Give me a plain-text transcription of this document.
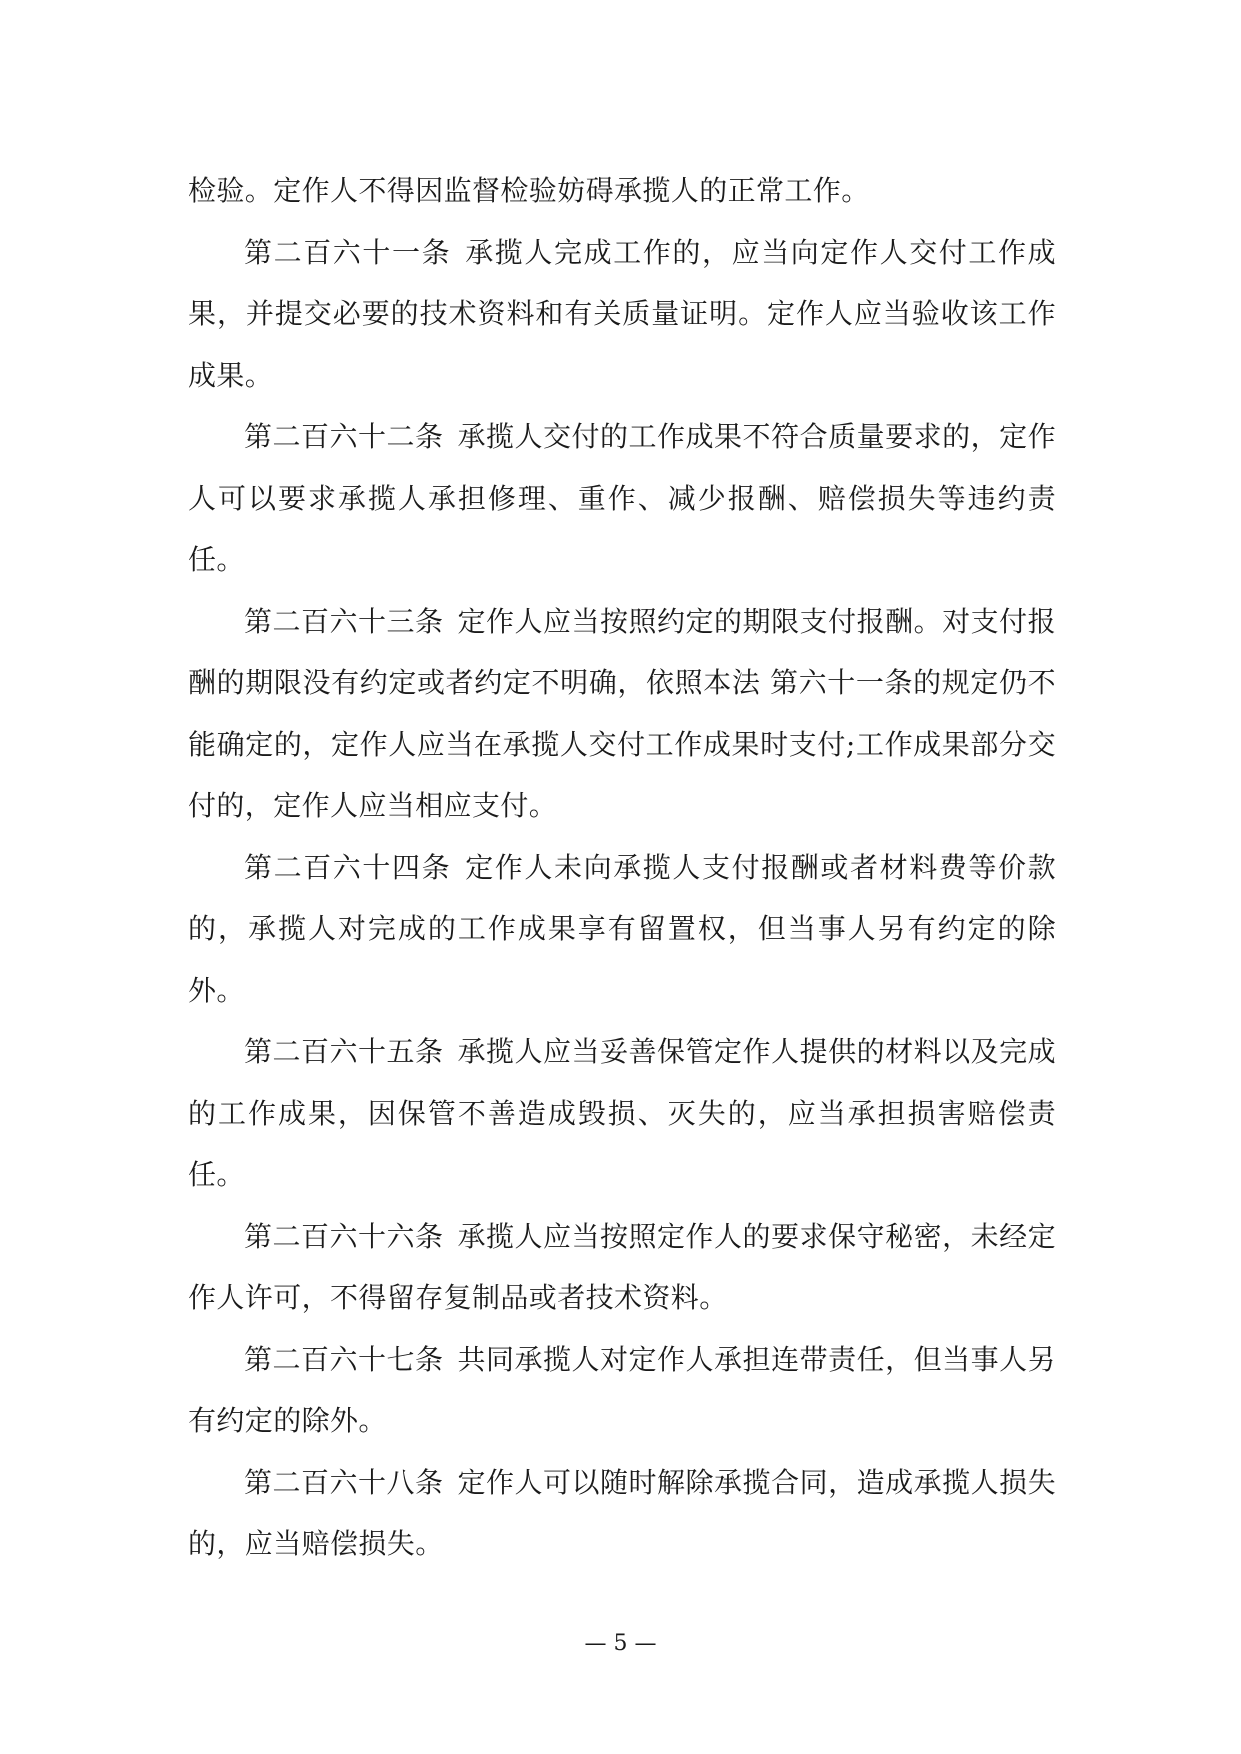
检验。定作人不得因监督检验妨碍承揽人的正常工作。

第二百六十一条 承揽人完成工作的，应当向定作人交付工作成果，并提交必要的技术资料和有关质量证明。定作人应当验收该工作成果。

第二百六十二条 承揽人交付的工作成果不符合质量要求的，定作人可以要求承揽人承担修理、重作、减少报酬、赔偿损失等违约责任。

第二百六十三条 定作人应当按照约定的期限支付报酬。对支付报酬的期限没有约定或者约定不明确，依照本法 第六十一条的规定仍不能确定的，定作人应当在承揽人交付工作成果时支付;工作成果部分交付的，定作人应当相应支付。

第二百六十四条 定作人未向承揽人支付报酬或者材料费等价款的，承揽人对完成的工作成果享有留置权，但当事人另有约定的除外。

第二百六十五条 承揽人应当妥善保管定作人提供的材料以及完成的工作成果，因保管不善造成毁损、灭失的，应当承担损害赔偿责任。

第二百六十六条 承揽人应当按照定作人的要求保守秘密，未经定作人许可，不得留存复制品或者技术资料。

第二百六十七条 共同承揽人对定作人承担连带责任，但当事人另有约定的除外。

第二百六十八条 定作人可以随时解除承揽合同，造成承揽人损失的，应当赔偿损失。

— 5 —
